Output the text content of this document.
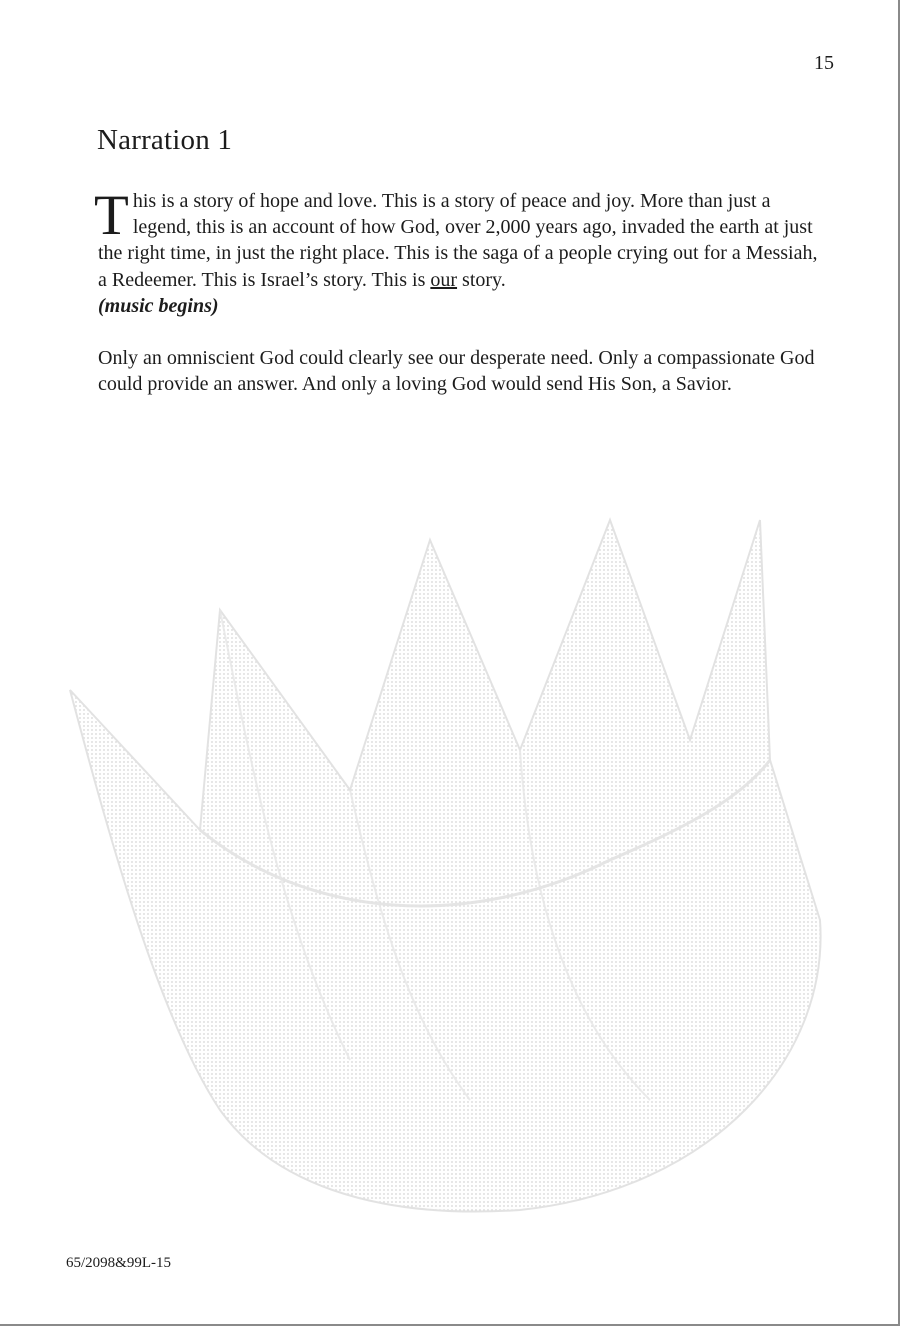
15
Narration 1

This is a story of hope and love. This is a story of peace and joy. More than just a legend, this is an account of how God, over 2,000 years ago, invaded the earth at just the right time, in just the right place. This is the saga of a people crying out for a Messiah, a Redeemer. This is Israel’s story. This is our story.
(music begins)

Only an omniscient God could clearly see our desperate need. Only a compassionate God could provide an answer. And only a loving God would send His Son, a Savior.

65/2098&99L-15
